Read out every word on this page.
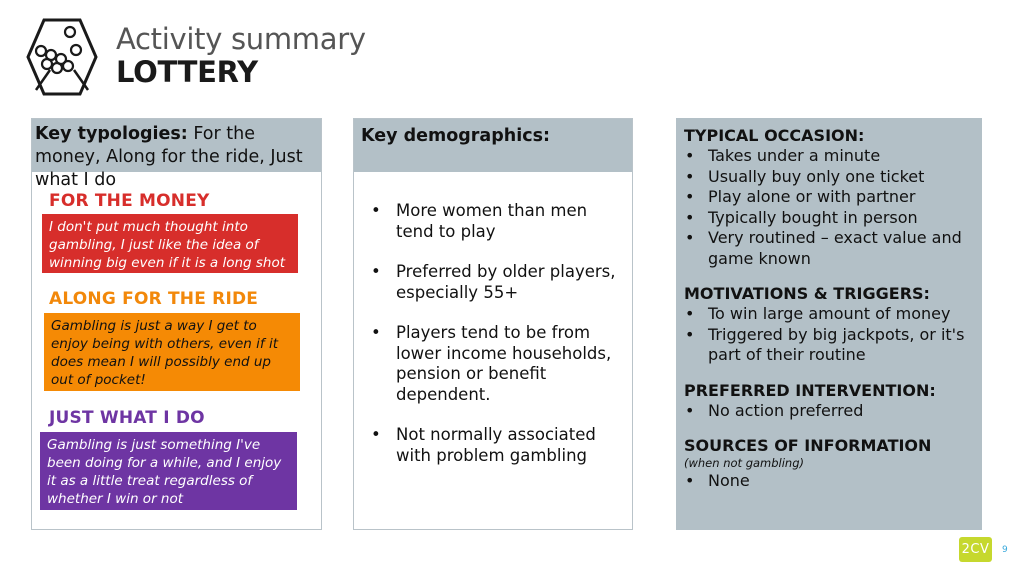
Activity summary
LOTTERY
Key typologies: For the money, Along for the ride, Just what I do
FOR THE MONEY
I don't put much thought into gambling, I just like the idea of winning big even if it is a long shot
ALONG FOR THE RIDE
Gambling is just a way I get to enjoy being with others, even if it does mean I will possibly end up out of pocket!
JUST WHAT I DO
Gambling is just something I've been doing for a while, and I enjoy it as a little treat regardless of whether I win or not
Key demographics:
• More women than men tend to play
• Preferred by older players, especially 55+
• Players tend to be from lower income households, pension or benefit dependent.
• Not normally associated with problem gambling
TYPICAL OCCASION:
• Takes under a minute
• Usually buy only one ticket
• Play alone or with partner
• Typically bought in person
• Very routined – exact value and game known
MOTIVATIONS & TRIGGERS:
• To win large amount of money
• Triggered by big jackpots, or it's part of their routine
PREFERRED INTERVENTION:
• No action preferred
SOURCES OF INFORMATION
(when not gambling)
• None
2CV 9
